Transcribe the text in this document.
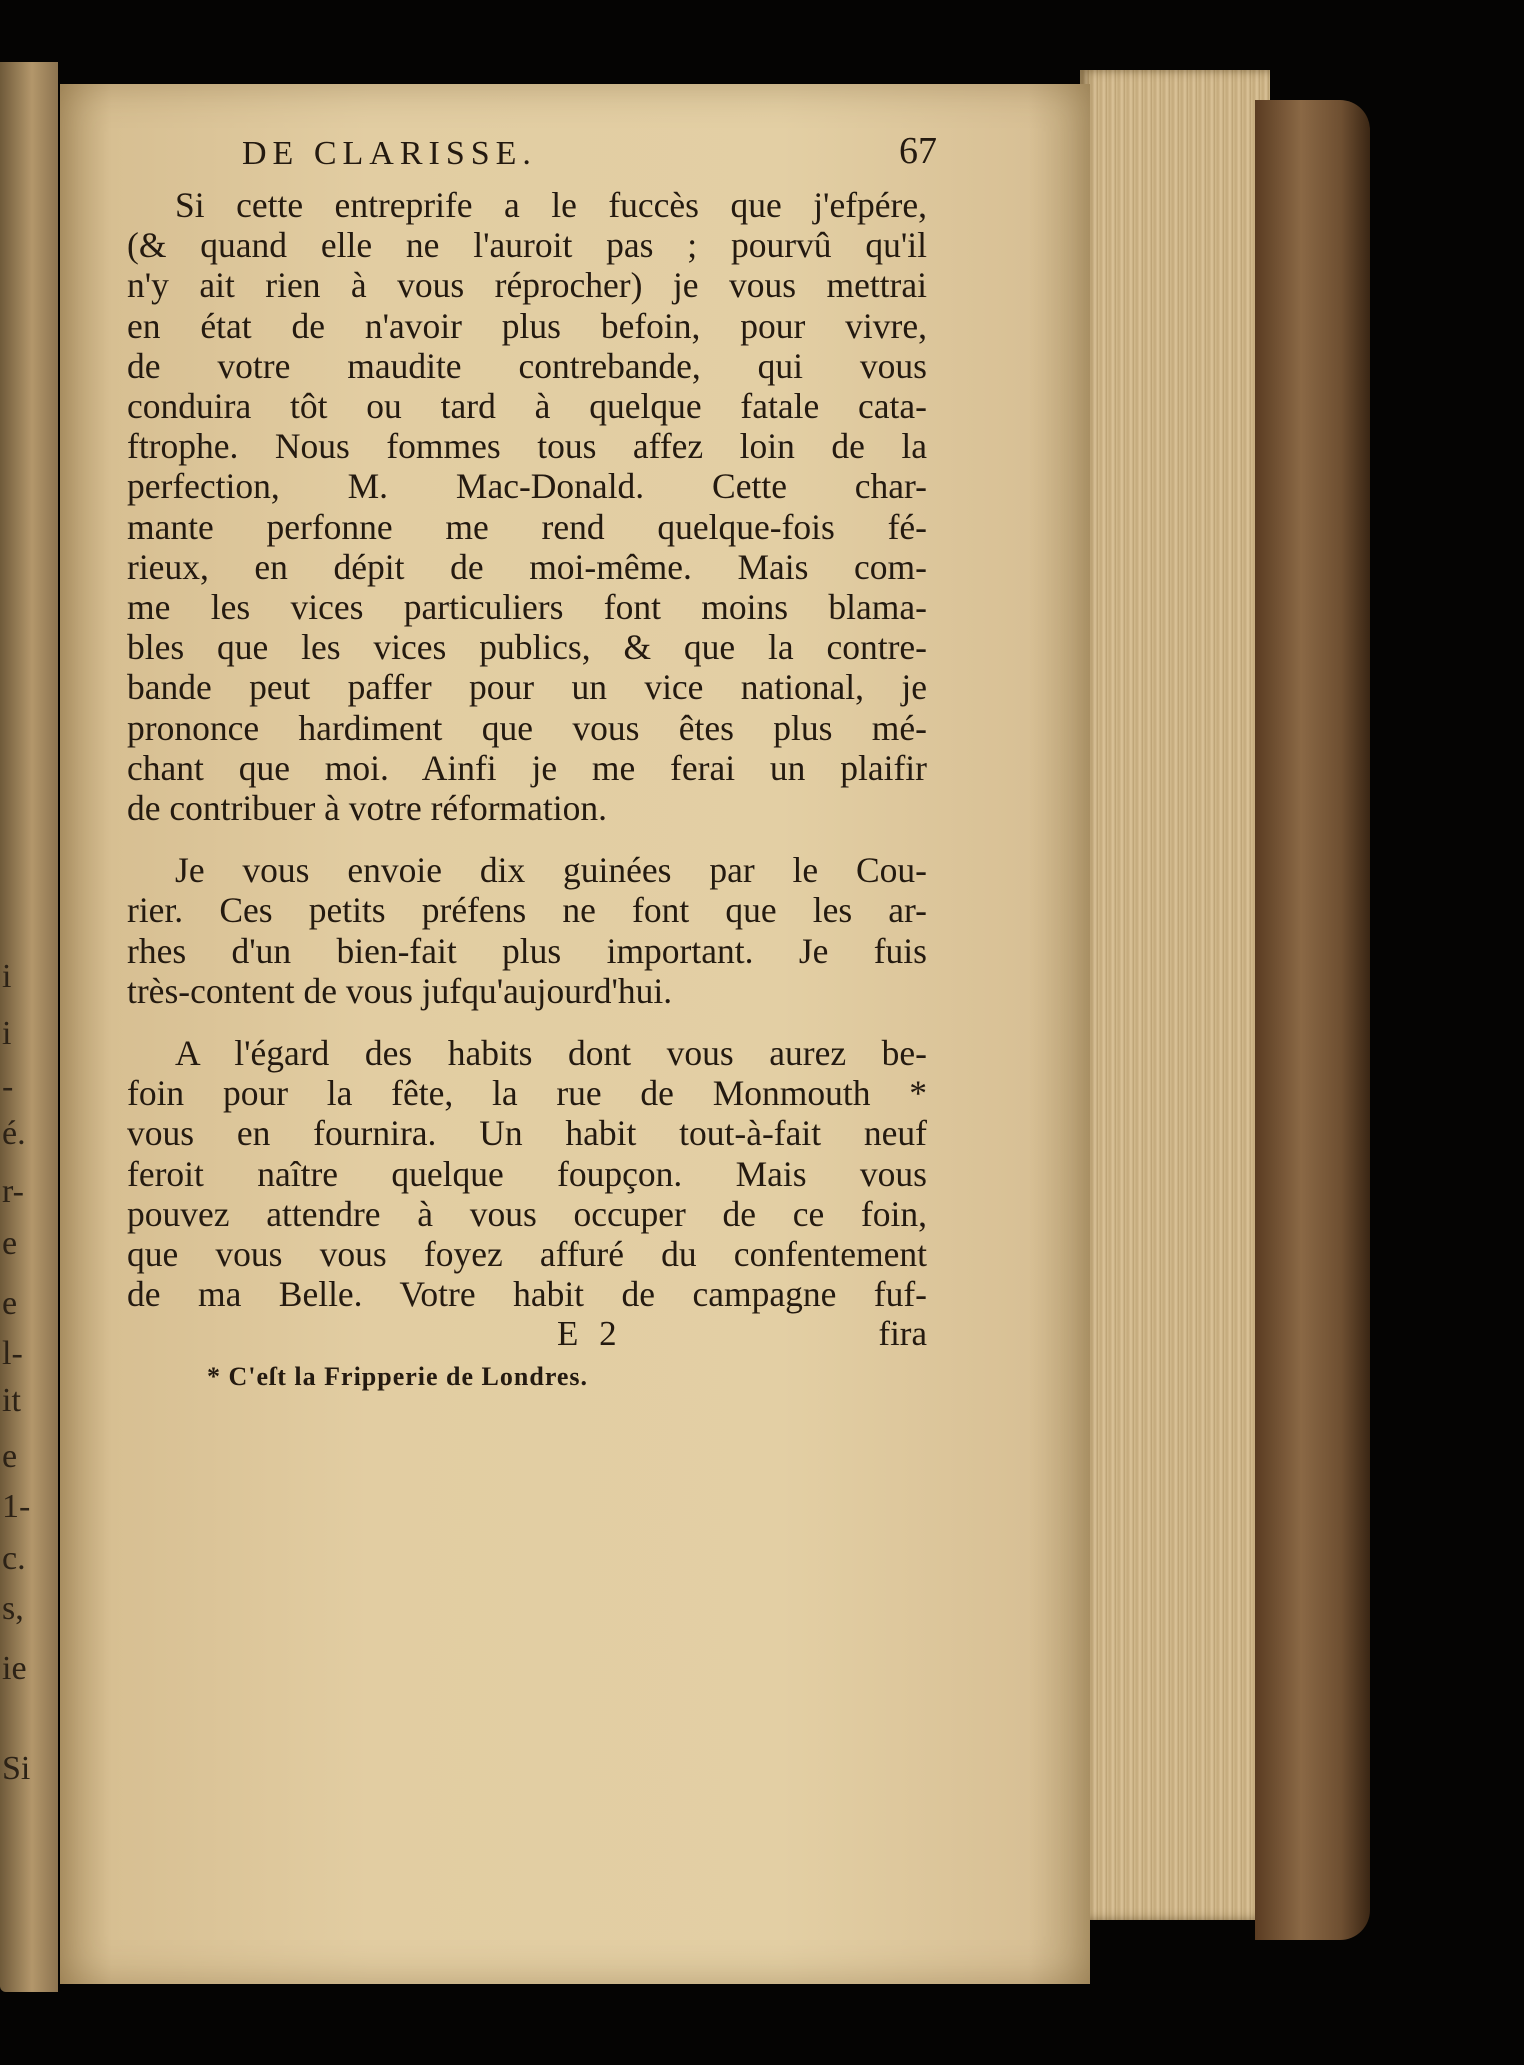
i
i
-
é.
r-
e
e
l-
it
e
1-
c.
s,
ie
Si
DE CLARISSE.	67

Si cette entreprife a le fuccès que j'efpére,
(& quand elle ne l'auroit pas ; pourvû qu'il
n'y ait rien à vous réprocher) je vous mettrai
en état de n'avoir plus befoin, pour vivre,
de votre maudite contrebande, qui vous
conduira tôt ou tard à quelque fatale cata-
ftrophe. Nous fommes tous affez loin de la
perfection, M. Mac-Donald. Cette char-
mante perfonne me rend quelque-fois fé-
rieux, en dépit de moi-même. Mais com-
me les vices particuliers font moins blama-
bles que les vices publics, & que la contre-
bande peut paffer pour un vice national, je
prononce hardiment que vous êtes plus mé-
chant que moi. Ainfi je me ferai un plaifir
de contribuer à votre réformation.

Je vous envoie dix guinées par le Cou-
rier. Ces petits préfens ne font que les ar-
rhes d'un bien-fait plus important. Je fuis
très-content de vous jufqu'aujourd'hui.

A l'égard des habits dont vous aurez be-
foin pour la fête, la rue de Monmouth *
vous en fournira. Un habit tout-à-fait neuf
feroit naître quelque foupçon. Mais vous
pouvez attendre à vous occuper de ce foin,
que vous vous foyez affuré du confentement
de ma Belle. Votre habit de campagne fuf-

E 2	fira
* C'eſt la Fripperie de Londres.
